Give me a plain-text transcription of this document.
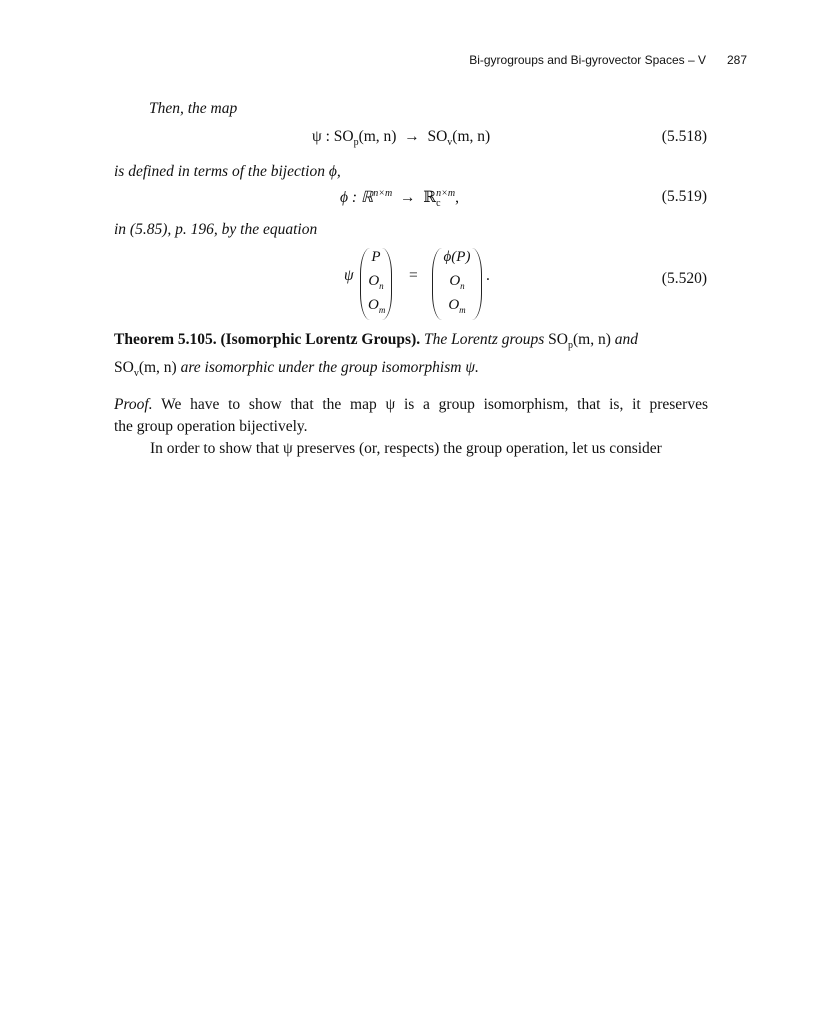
Bi-gyrogroups and Bi-gyrovector Spaces – V 287
Then, the map
ψ : $SO_p(m$, $n) \to SO_v(m$, n)	(5.518)
is defined in terms of the bijection ϕ,
ϕ : ℝ$^{n\times m}$ → ℝ n×m
c ,	(5.519)
in (5.85), p. 196, by the equation
ψ
P
$O_n$
$O_m$
=
ϕ(P)
$O_n$
$O_m$
.	(5.520)
Theorem 5.105. (Isomorphic Lorentz Groups). The Lorentz groups $SO_p(m$, n) and
$SO_v(m$, n) are isomorphic under the group isomorphism ψ.
Proof. We have to show that the map ψ is a group isomorphism, that is, it preserves
the group operation bijectively.
In order to show that ψ preserves (or, respects) the group operation, let us consider
